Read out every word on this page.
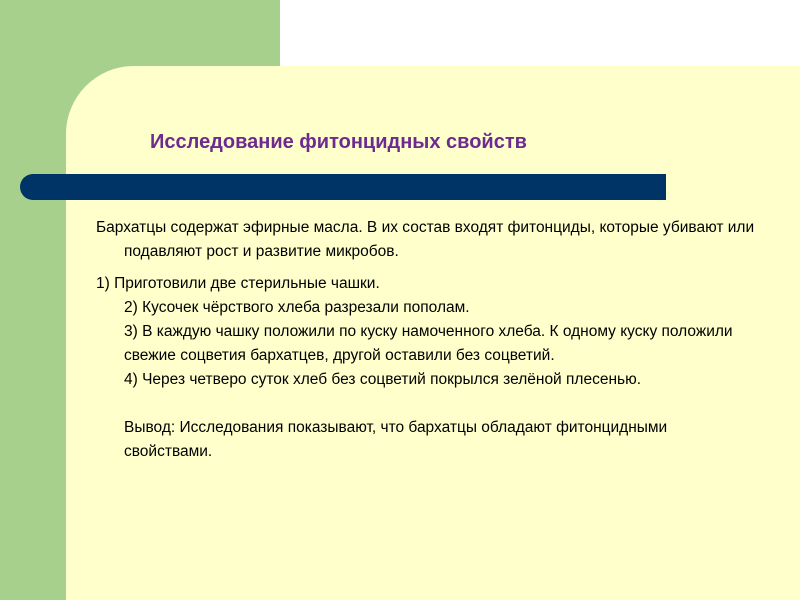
Исследование фитонцидных свойств

Бархатцы содержат эфирные масла. В их состав входят фитонциды, которые убивают или подавляют рост и развитие микробов.

1) Приготовили две стерильные чашки.

2) Кусочек чёрствого хлеба разрезали пополам.

3) В каждую чашку положили по куску намоченного хлеба. К одному куску положили свежие соцветия бархатцев, другой оставили без соцветий.

4) Через четверо суток хлеб без соцветий покрылся зелёной плесенью.

Вывод: Исследования показывают, что бархатцы обладают фитонцидными свойствами.
